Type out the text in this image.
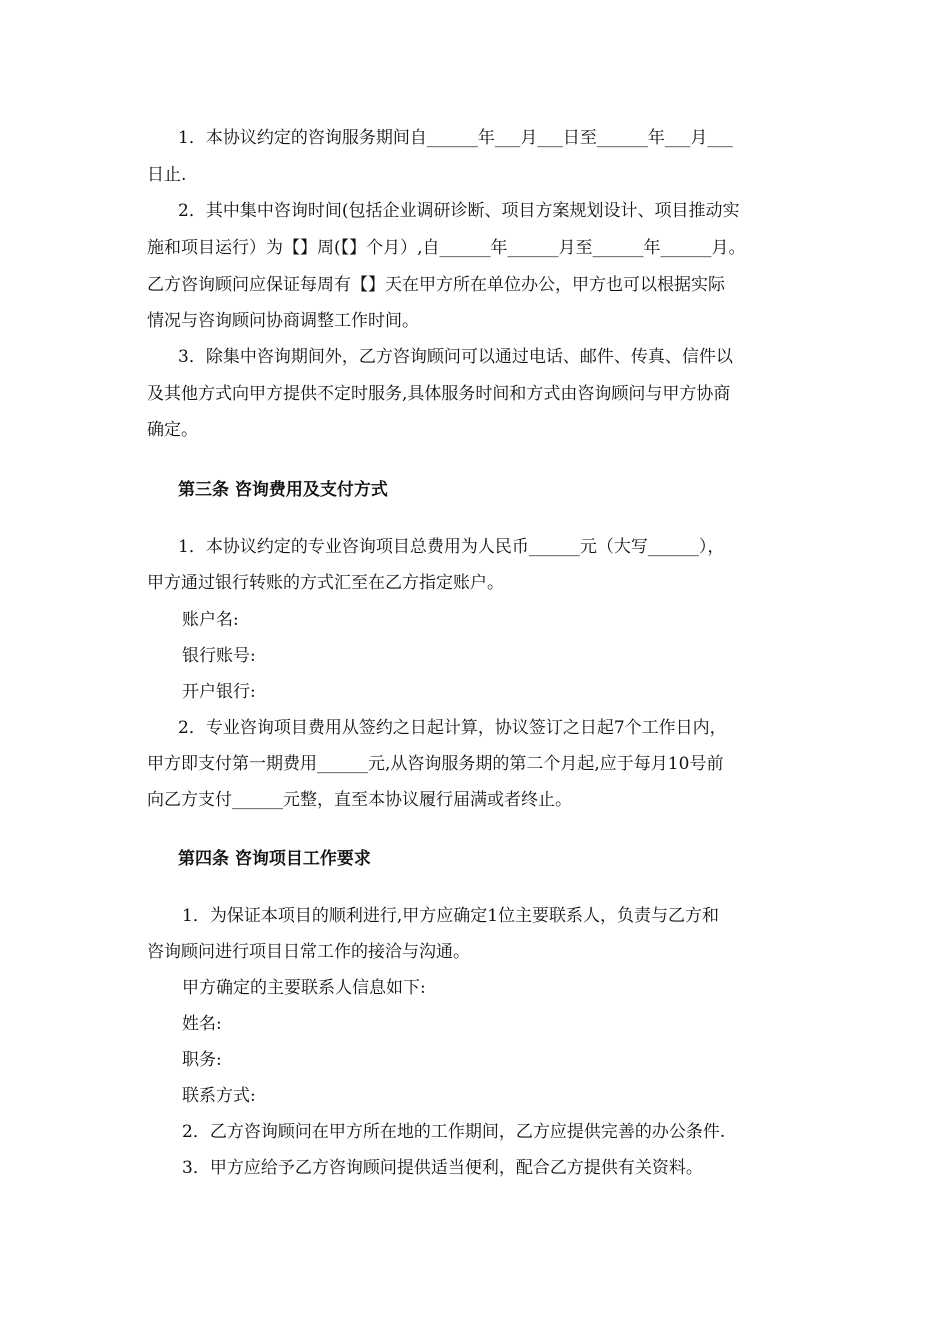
1．本协议约定的咨询服务期间自______年___月___日至______年___月___
日止.
2．其中集中咨询时间(包括企业调研诊断、项目方案规划设计、项目推动实
施和项目运行）为【】周(【】个月）,自______年______月至______年______月。
乙方咨询顾问应保证每周有【】天在甲方所在单位办公，甲方也可以根据实际
情况与咨询顾问协商调整工作时间。
3．除集中咨询期间外，乙方咨询顾问可以通过电话、邮件、传真、信件以
及其他方式向甲方提供不定时服务,具体服务时间和方式由咨询顾问与甲方协商
确定。
第三条 咨询费用及支付方式
1．本协议约定的专业咨询项目总费用为人民币______元（大写______），
甲方通过银行转账的方式汇至在乙方指定账户。
账户名:
银行账号:
开户银行:
2．专业咨询项目费用从签约之日起计算，协议签订之日起7个工作日内，
甲方即支付第一期费用______元,从咨询服务期的第二个月起,应于每月10号前
向乙方支付______元整，直至本协议履行届满或者终止。
第四条 咨询项目工作要求
1．为保证本项目的顺利进行,甲方应确定1位主要联系人，负责与乙方和
咨询顾问进行项目日常工作的接洽与沟通。
甲方确定的主要联系人信息如下:
姓名:
职务:
联系方式:
2．乙方咨询顾问在甲方所在地的工作期间，乙方应提供完善的办公条件.
3．甲方应给予乙方咨询顾问提供适当便利，配合乙方提供有关资料。
